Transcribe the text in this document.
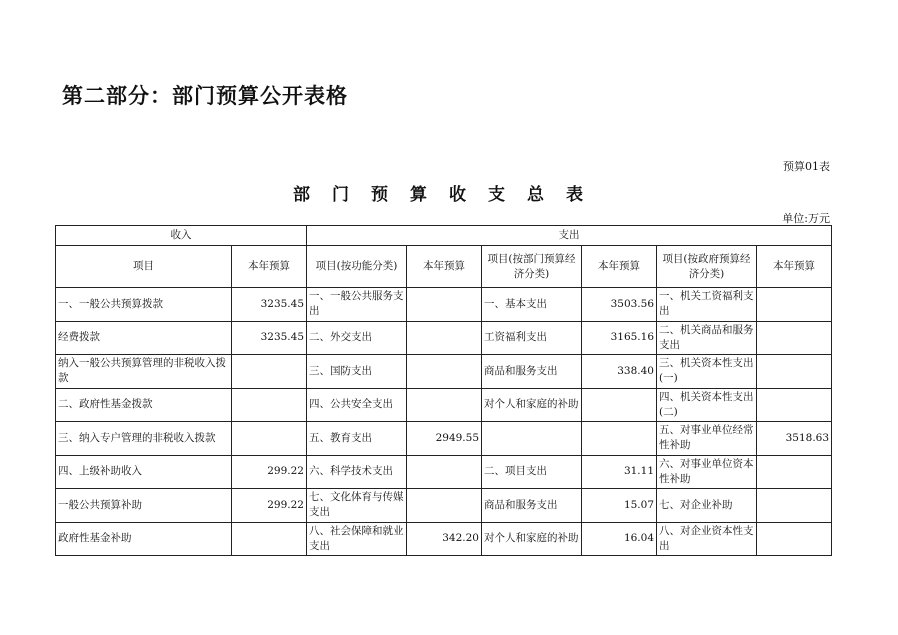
第二部分：部门预算公开表格
预算01表
部门预算收支总表
单位:万元
收入		支出					
项目	本年预算	项目(按功能分类)	本年预算	项目(按部门预算经济分类)	本年预算	项目(按政府预算经济分类)	本年预算
一、一般公共预算拨款	3235.45	一、一般公共服务支出		一、基本支出	3503.56	一、机关工资福利支出	
经费拨款	3235.45	二、外交支出		工资福利支出	3165.16	二、机关商品和服务支出	
纳入一般公共预算管理的非税收入拨款		三、国防支出		商品和服务支出	338.40	三、机关资本性支出(一)	
二、政府性基金拨款		四、公共安全支出		对个人和家庭的补助		四、机关资本性支出(二)	
三、纳入专户管理的非税收入拨款		五、教育支出	2949.55			五、对事业单位经常性补助	3518.63
四、上级补助收入	299.22	六、科学技术支出		二、项目支出	31.11	六、对事业单位资本性补助	
一般公共预算补助	299.22	七、文化体育与传媒支出		商品和服务支出	15.07	七、对企业补助	
政府性基金补助		八、社会保障和就业支出	342.20	对个人和家庭的补助	16.04	八、对企业资本性支出	
